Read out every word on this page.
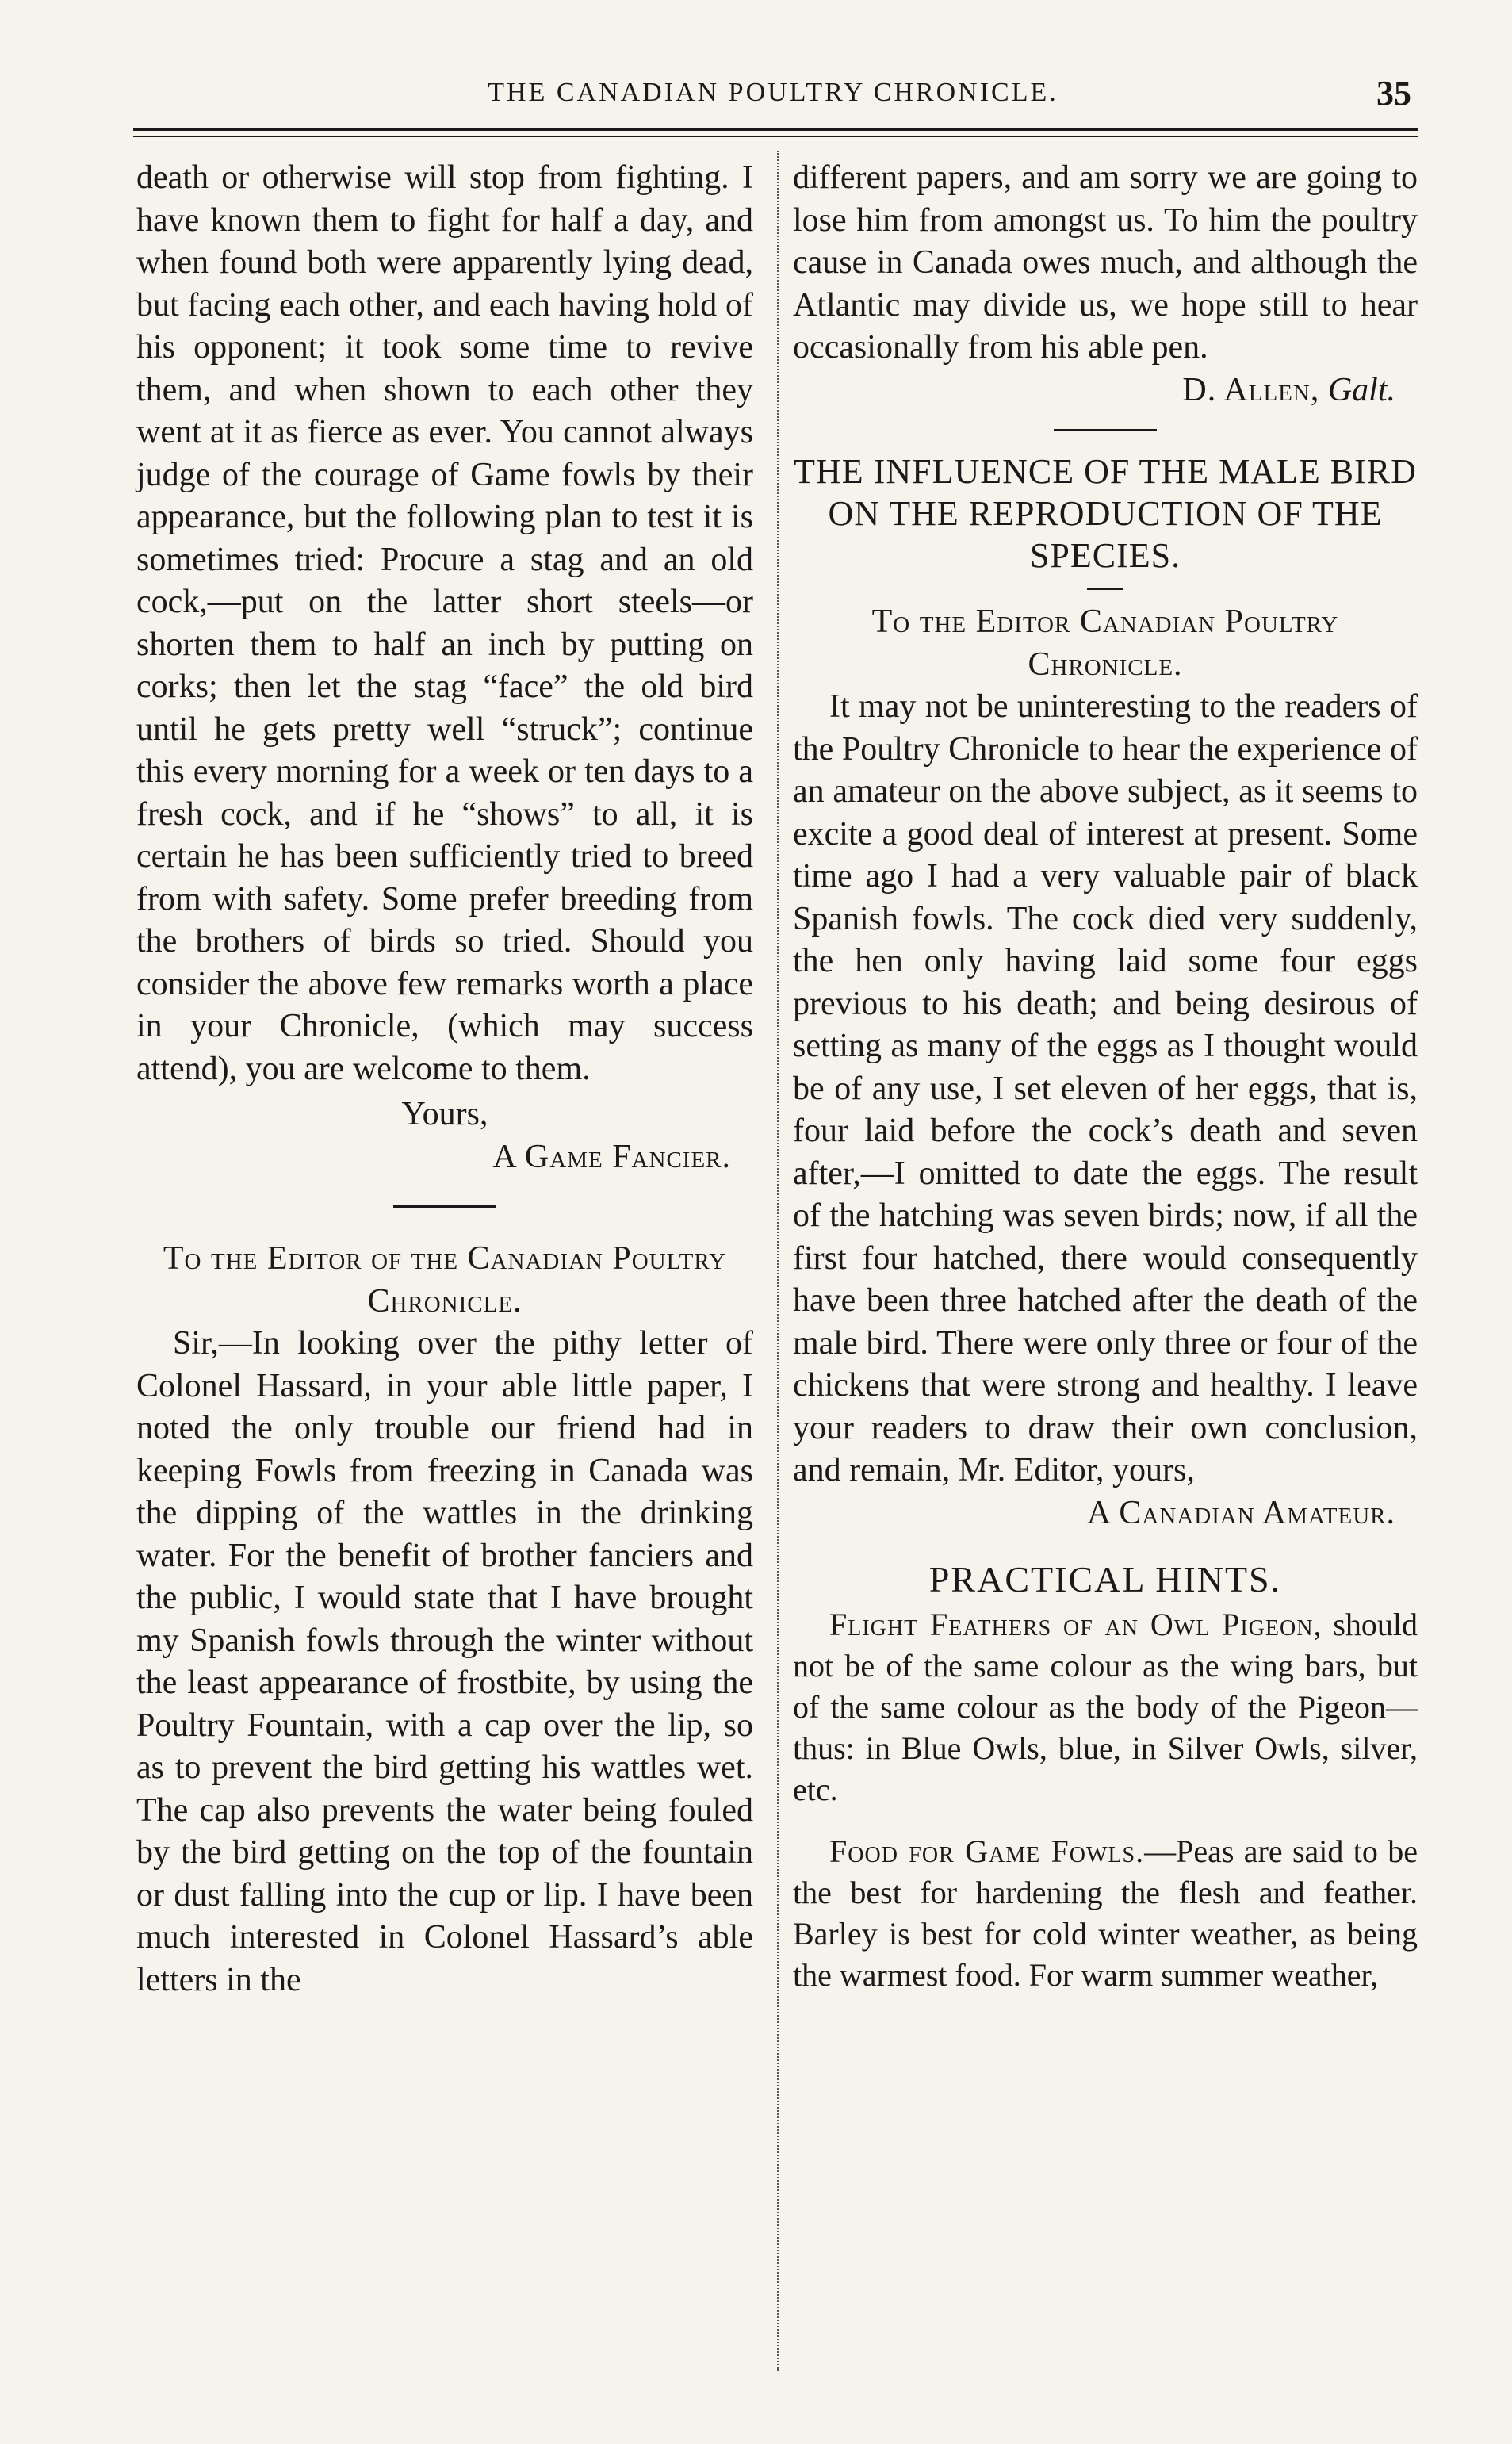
THE CANADIAN POULTRY CHRONICLE.	35

death or otherwise will stop from fighting. I have known them to fight for half a day, and when found both were apparently lying dead, but facing each other, and each having hold of his opponent; it took some time to revive them, and when shown to each other they went at it as fierce as ever. You cannot always judge of the courage of Game fowls by their appearance, but the following plan to test it is sometimes tried: Procure a stag and an old cock,—put on the latter short steels—or shorten them to half an inch by putting on corks; then let the stag “face” the old bird until he gets pretty well “struck”; continue this every morning for a week or ten days to a fresh cock, and if he “shows” to all, it is certain he has been sufficiently tried to breed from with safety. Some prefer breeding from the brothers of birds so tried. Should you consider the above few remarks worth a place in your Chronicle, (which may success attend), you are welcome to them.

Yours,

A Game Fancier.

To the Editor of the Canadian Poultry Chronicle.

Sir,—In looking over the pithy letter of Colonel Hassard, in your able little paper, I noted the only trouble our friend had in keeping Fowls from freezing in Canada was the dipping of the wattles in the drinking water. For the benefit of brother fanciers and the public, I would state that I have brought my Spanish fowls through the winter without the least appearance of frostbite, by using the Poultry Fountain, with a cap over the lip, so as to prevent the bird getting his wattles wet. The cap also prevents the water being fouled by the bird getting on the top of the fountain or dust falling into the cup or lip. I have been much interested in Colonel Hassard’s able letters in the

different papers, and am sorry we are going to lose him from amongst us. To him the poultry cause in Canada owes much, and although the Atlantic may divide us, we hope still to hear occasionally from his able pen.

D. Allen, Galt.

THE INFLUENCE OF THE MALE BIRD ON THE REPRODUCTION OF THE SPECIES.

To the Editor Canadian Poultry Chronicle.

It may not be uninteresting to the readers of the Poultry Chronicle to hear the experience of an amateur on the above subject, as it seems to excite a good deal of interest at present. Some time ago I had a very valuable pair of black Spanish fowls. The cock died very suddenly, the hen only having laid some four eggs previous to his death; and being desirous of setting as many of the eggs as I thought would be of any use, I set eleven of her eggs, that is, four laid before the cock’s death and seven after,—I omitted to date the eggs. The result of the hatching was seven birds; now, if all the first four hatched, there would consequently have been three hatched after the death of the male bird. There were only three or four of the chickens that were strong and healthy. I leave your readers to draw their own conclusion, and remain, Mr. Editor, yours,

A Canadian Amateur.

PRACTICAL HINTS.

Flight Feathers of an Owl Pigeon, should not be of the same colour as the wing bars, but of the same colour as the body of the Pigeon—thus: in Blue Owls, blue, in Silver Owls, silver, etc.

Food for Game Fowls.—Peas are said to be the best for hardening the flesh and feather. Barley is best for cold winter weather, as being the warmest food. For warm summer weather,
